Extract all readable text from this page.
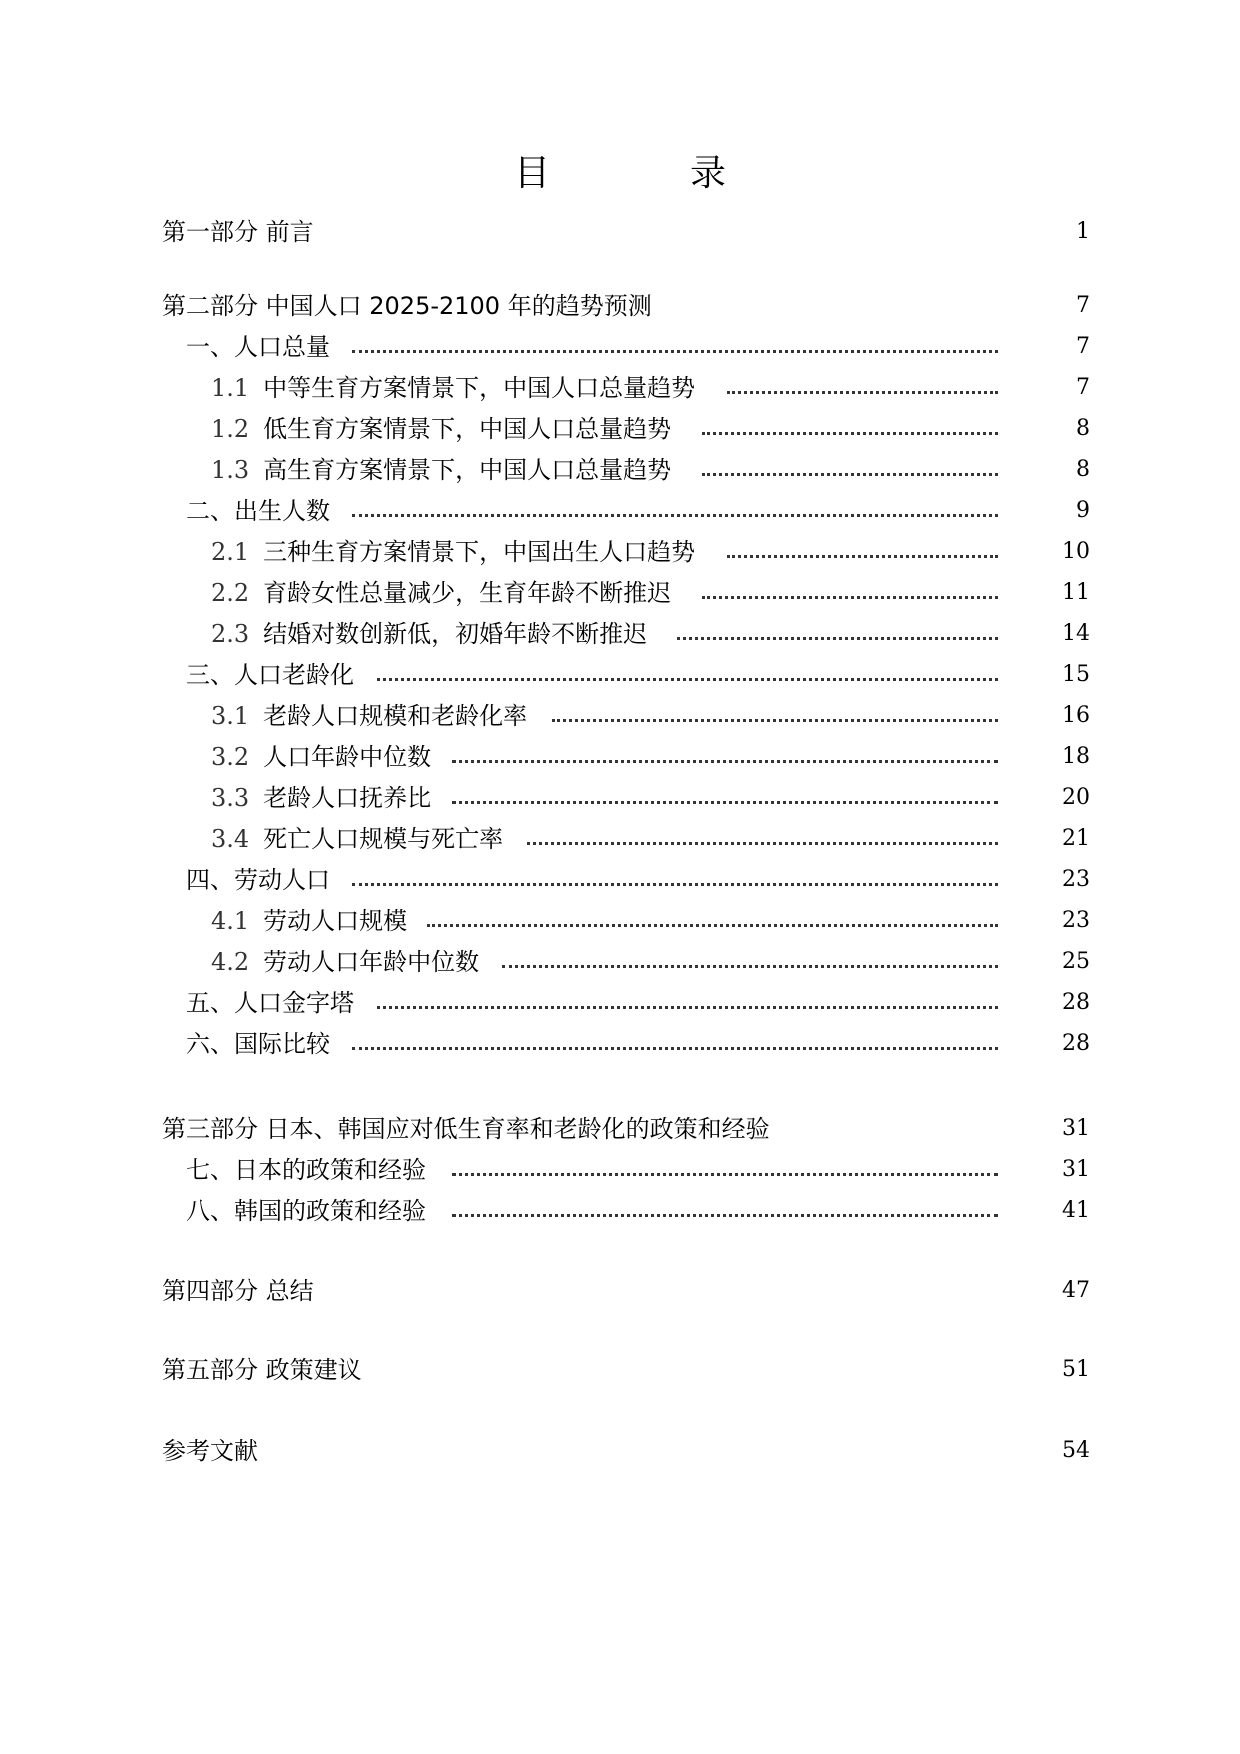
目　录
第一部分 前言	1
第二部分 中国人口 2025-2100 年的趋势预测	7
一、人口总量	7
1.1 中等生育方案情景下，中国人口总量趋势	7
1.2 低生育方案情景下，中国人口总量趋势	8
1.3 高生育方案情景下，中国人口总量趋势	8
二、出生人数	9
2.1 三种生育方案情景下，中国出生人口趋势	10
2.2 育龄女性总量减少，生育年龄不断推迟	11
2.3 结婚对数创新低，初婚年龄不断推迟	14
三、人口老龄化	15
3.1 老龄人口规模和老龄化率	16
3.2 人口年龄中位数	18
3.3 老龄人口抚养比	20
3.4 死亡人口规模与死亡率	21
四、劳动人口	23
4.1 劳动人口规模	23
4.2 劳动人口年龄中位数	25
五、人口金字塔	28
六、国际比较	28
第三部分 日本、韩国应对低生育率和老龄化的政策和经验	31
七、日本的政策和经验	31
八、韩国的政策和经验	41
第四部分 总结	47
第五部分 政策建议	51
参考文献	54
